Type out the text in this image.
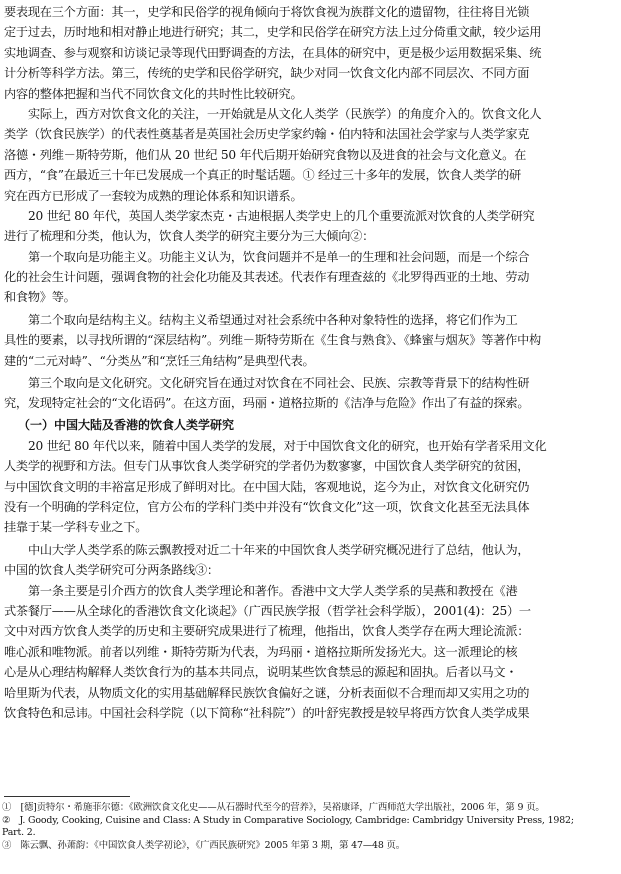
要表现在三个方面：其一，史学和民俗学的视角倾向于将饮食视为族群文化的遗留物，往往将目光锁
定于过去，历时地和相对静止地进行研究；其二，史学和民俗学在研究方法上过分倚重文献，较少运用
实地调查、参与观察和访谈记录等现代田野调查的方法，在具体的研究中，更是极少运用数据采集、统
计分析等科学方法。第三，传统的史学和民俗学研究，缺少对同一饮食文化内部不同层次、不同方面
内容的整体把握和当代不同饮食文化的共时性比较研究。
实际上，西方对饮食文化的关注，一开始就是从文化人类学（民族学）的角度介入的。饮食文化人
类学（饮食民族学）的代表性奠基者是英国社会历史学家约翰・伯内特和法国社会学家与人类学家克
洛德・列维－斯特劳斯，他们从 20 世纪 50 年代后期开始研究食物以及进食的社会与文化意义。在
西方，“食”在最近三十年已发展成一个真正的时髦话题。① 经过三十多年的发展，饮食人类学的研
究在西方已形成了一套较为成熟的理论体系和知识谱系。
20 世纪 80 年代，英国人类学家杰克・古迪根据人类学史上的几个重要流派对饮食的人类学研究
进行了梳理和分类，他认为，饮食人类学的研究主要分为三大倾向②：
第一个取向是功能主义。功能主义认为，饮食问题并不是单一的生理和社会问题，而是一个综合
化的社会生计问题，强调食物的社会化功能及其表述。代表作有理查兹的《北罗得西亚的土地、劳动
和食物》等。
第二个取向是结构主义。结构主义希望通过对社会系统中各种对象特性的选择，将它们作为工
具性的要素，以寻找所谓的“深层结构”。列维－斯特劳斯在《生食与熟食》、《蜂蜜与烟灰》等著作中构
建的“二元对峙”、“分类丛”和“烹饪三角结构”是典型代表。
第三个取向是文化研究。文化研究旨在通过对饮食在不同社会、民族、宗教等背景下的结构性研
究，发现特定社会的“文化语码”。在这方面，玛丽・道格拉斯的《洁净与危险》作出了有益的探索。
（一）中国大陆及香港的饮食人类学研究
20 世纪 80 年代以来，随着中国人类学的发展，对于中国饮食文化的研究，也开始有学者采用文化
人类学的视野和方法。但专门从事饮食人类学研究的学者仍为数寥寥，中国饮食人类学研究的贫困，
与中国饮食文明的丰裕富足形成了鲜明对比。在中国大陆，客观地说，迄今为止，对饮食文化研究仍
没有一个明确的学科定位，官方公布的学科门类中并没有“饮食文化”这一项，饮食文化甚至无法具体
挂靠于某一学科专业之下。
中山大学人类学系的陈云飘教授对近二十年来的中国饮食人类学研究概况进行了总结，他认为，
中国的饮食人类学研究可分两条路线③：
第一条主要是引介西方的饮食人类学理论和著作。香港中文大学人类学系的吴燕和教授在《港
式茶餐厅——从全球化的香港饮食文化谈起》（广西民族学报（哲学社会科学版），2001(4)：25）一
文中对西方饮食人类学的历史和主要研究成果进行了梳理，他指出，饮食人类学存在两大理论流派：
唯心派和唯物派。前者以列维・斯特劳斯为代表，为玛丽・道格拉斯所发扬光大。这一派理论的核
心是从心理结构解释人类饮食行为的基本共同点，说明某些饮食禁忌的源起和固执。后者以马文・
哈里斯为代表，从物质文化的实用基础解释民族饮食偏好之谜，分析表面似不合理而却又实用之功的
饮食特色和忌讳。中国社会科学院（以下简称“社科院”）的叶舒宪教授是较早将西方饮食人类学成果
①　[德]贡特尔・希施菲尔德：《欧洲饮食文化史——从石器时代至今的营养》，吴裕康译，广西师范大学出版社，2006 年，第 9 页。
②　J. Goody, Cooking, Cuisine and Class: A Study in Comparative Sociology, Cambridge: Cambridgy University Press, 1982;
Part. 2.
③　陈云飘、孙萧韵：《中国饮食人类学初论》，《广西民族研究》2005 年第 3 期，第 47—48 页。
